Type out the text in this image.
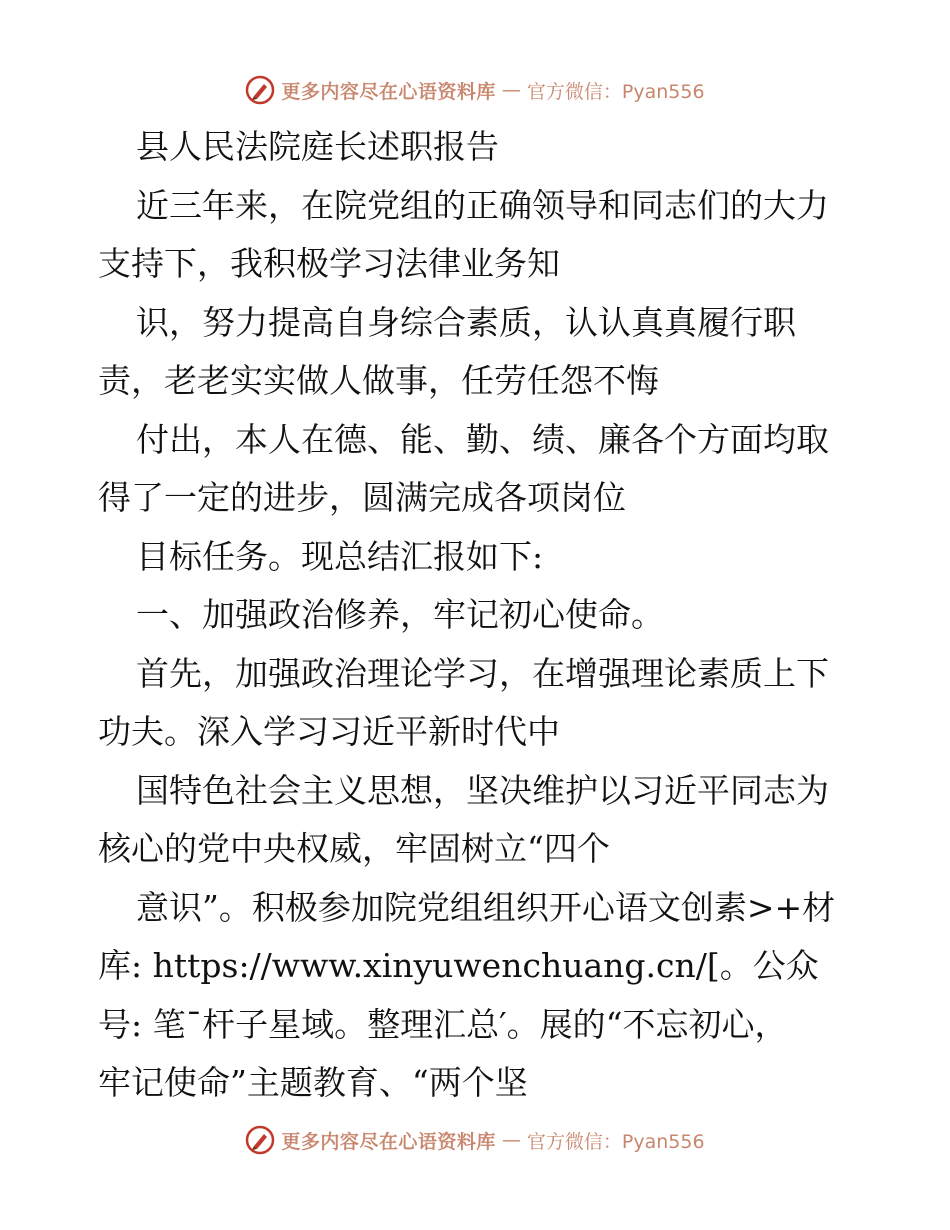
更多内容尽在心语资料库 — 官方微信：Pyan556
县人民法院庭长述职报告
近三年来，在院党组的正确领导和同志们的大力
支持下，我积极学习法律业务知
识，努力提高自身综合素质，认认真真履行职
责，老老实实做人做事，任劳任怨不悔
付出，本人在德、能、勤、绩、廉各个方面均取
得了一定的进步，圆满完成各项岗位
目标任务。现总结汇报如下:
一、加强政治修养，牢记初心使命。
首先，加强政治理论学习，在增强理论素质上下
功夫。深入学习习近平新时代中
国特色社会主义思想，坚决维护以习近平同志为
核心的党中央权威，牢固树立“四个
意识”。积极参加院党组组织开心语文创素>+材
库: https://www.xinyuwenchuang.cn/[。公众
号: 笔¯杆子星域。整理汇总′。展的“不忘初心，
牢记使命”主题教育、“两个坚
更多内容尽在心语资料库 — 官方微信：Pyan556
